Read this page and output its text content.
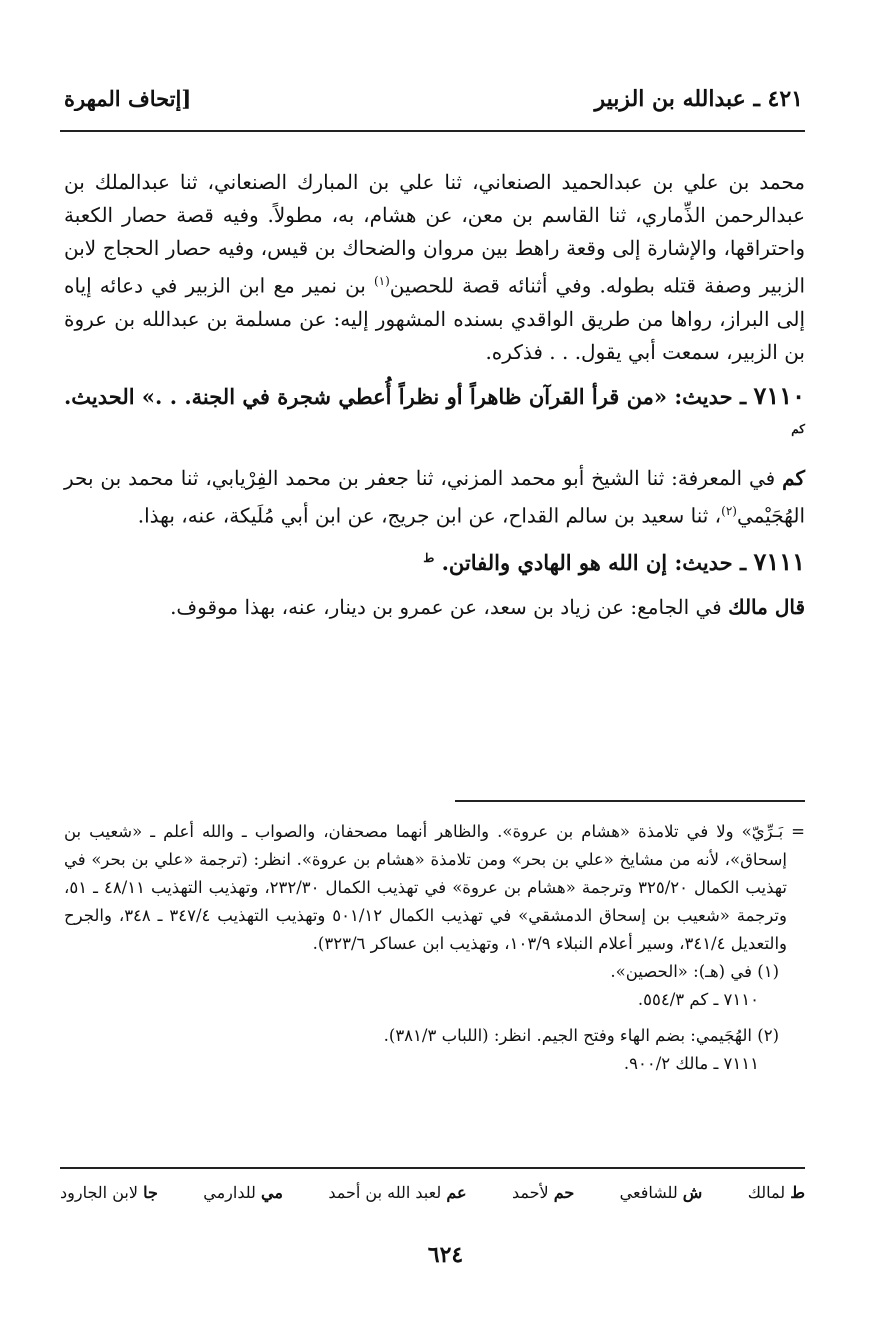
٤٢١ ـ عبدالله بن الزبير
[إتحاف المهرة

محمد بن علي بن عبدالحميد الصنعاني، ثنا علي بن المبارك الصنعاني، ثنا عبدالملك بن عبدالرحمن الذِّماري، ثنا القاسم بن معن، عن هشام، به، مطولاً. وفيه قصة حصار الكعبة واحتراقها، والإشارة إلى وقعة راهط بين مروان والضحاك بن قيس، وفيه حصار الحجاج لابن الزبير وصفة قتله بطوله. وفي أثنائه قصة للحصين$^{(١)}$ بن نمير مع ابن الزبير في دعائه إياه إلى البراز، رواها من طريق الواقدي بسنده المشهور إليه: عن مسلمة بن عبدالله بن عروة بن الزبير، سمعت أبي يقول. . . فذكره.

٧١١٠ ـ حديث: «من قرأ القرآن ظاهراً أو نظراً أُعطي شجرة في الجنة. . .» الحديث. $^{كم}$

كم في المعرفة: ثنا الشيخ أبو محمد المزني، ثنا جعفر بن محمد الفِرْيابي، ثنا محمد بن بحر الهُجَيْمي$^{(٢)}$، ثنا سعيد بن سالم القداح، عن ابن جريج، عن ابن أبي مُلَيكة، عنه، بهذا.

٧١١١ ـ حديث: إن الله هو الهادي والفاتن. $^ط$

قال مالك في الجامع: عن زياد بن سعد، عن عمرو بن دينار، عنه، بهذا موقوف.

= بَـرِّيّ» ولا في تلامذة «هشام بن عروة». والظاهر أنهما مصحفان، والصواب ـ والله أعلم ـ «شعيب بن إسحاق»، لأنه من مشايخ «علي بن بحر» ومن تلامذة «هشام بن عروة». انظر: (ترجمة «علي بن بحر» في تهذيب الكمال ٣٢٥/٢٠ وترجمة «هشام بن عروة» في تهذيب الكمال ٢٣٢/٣٠، وتهذيب التهذيب ٤٨/١١ ـ ٥١، وترجمة «شعيب بن إسحاق الدمشقي» في تهذيب الكمال ٥٠١/١٢ وتهذيب التهذيب ٣٤٧/٤ ـ ٣٤٨، والجرح والتعديل ٣٤١/٤، وسير أعلام النبلاء ١٠٣/٩، وتهذيب ابن عساكر ٣٢٣/٦).

(١) في (هـ): «الحصين».

٧١١٠ ـ كم ٥٥٤/٣.

(٢) الهُجَيمي: بضم الهاء وفتح الجيم. انظر: (اللباب ٣٨١/٣).

٧١١١ ـ مالك ٩٠٠/٢.

ط لمالك
ش للشافعي
حم لأحمد
عم لعبد الله بن أحمد
مي للدارمي
جا لابن الجارود
٦٢٤
